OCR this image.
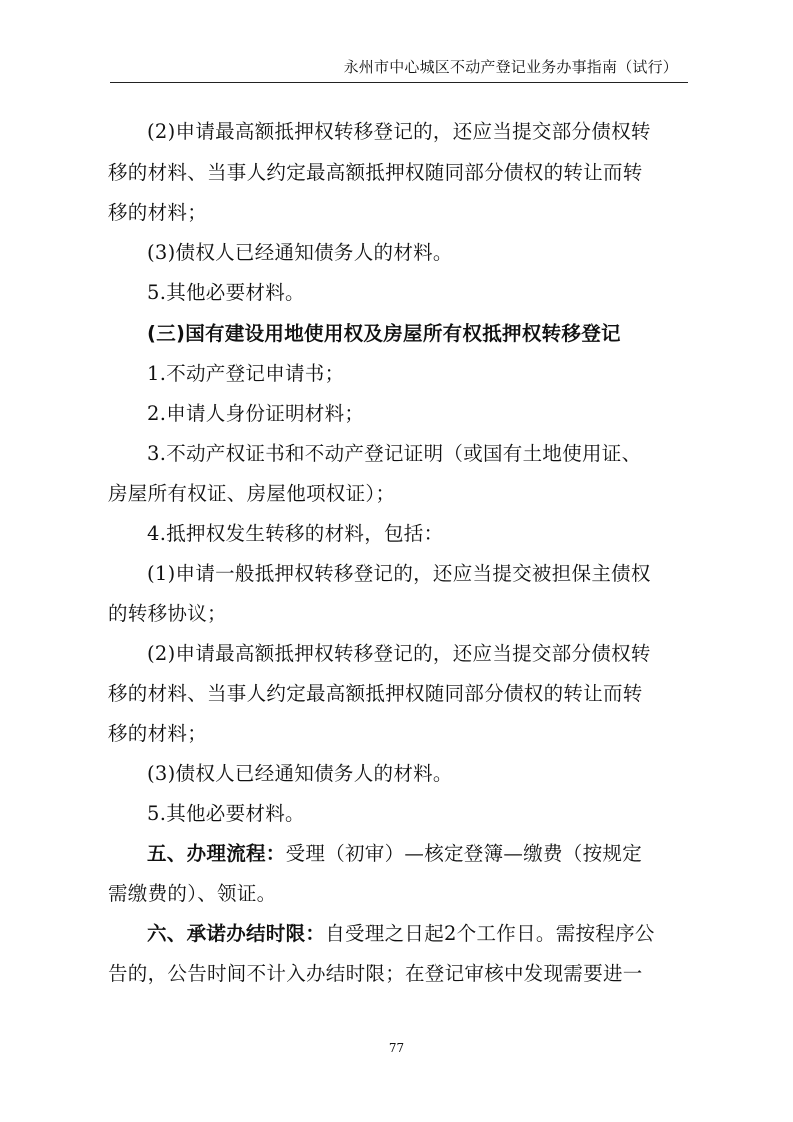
永州市中心城区不动产登记业务办事指南（试行）
(2)申请最高额抵押权转移登记的，还应当提交部分债权转
移的材料、当事人约定最高额抵押权随同部分债权的转让而转
移的材料；
(3)债权人已经通知债务人的材料。
5.其他必要材料。
(三)国有建设用地使用权及房屋所有权抵押权转移登记
1.不动产登记申请书；
2.申请人身份证明材料；
3.不动产权证书和不动产登记证明（或国有土地使用证、
房屋所有权证、房屋他项权证）；
4.抵押权发生转移的材料，包括：
(1)申请一般抵押权转移登记的，还应当提交被担保主债权
的转移协议；
(2)申请最高额抵押权转移登记的，还应当提交部分债权转
移的材料、当事人约定最高额抵押权随同部分债权的转让而转
移的材料；
(3)债权人已经通知债务人的材料。
5.其他必要材料。
五、办理流程：受理（初审）—核定登簿—缴费（按规定
需缴费的）、领证。
六、承诺办结时限：自受理之日起2个工作日。需按程序公
告的，公告时间不计入办结时限；在登记审核中发现需要进一
77
